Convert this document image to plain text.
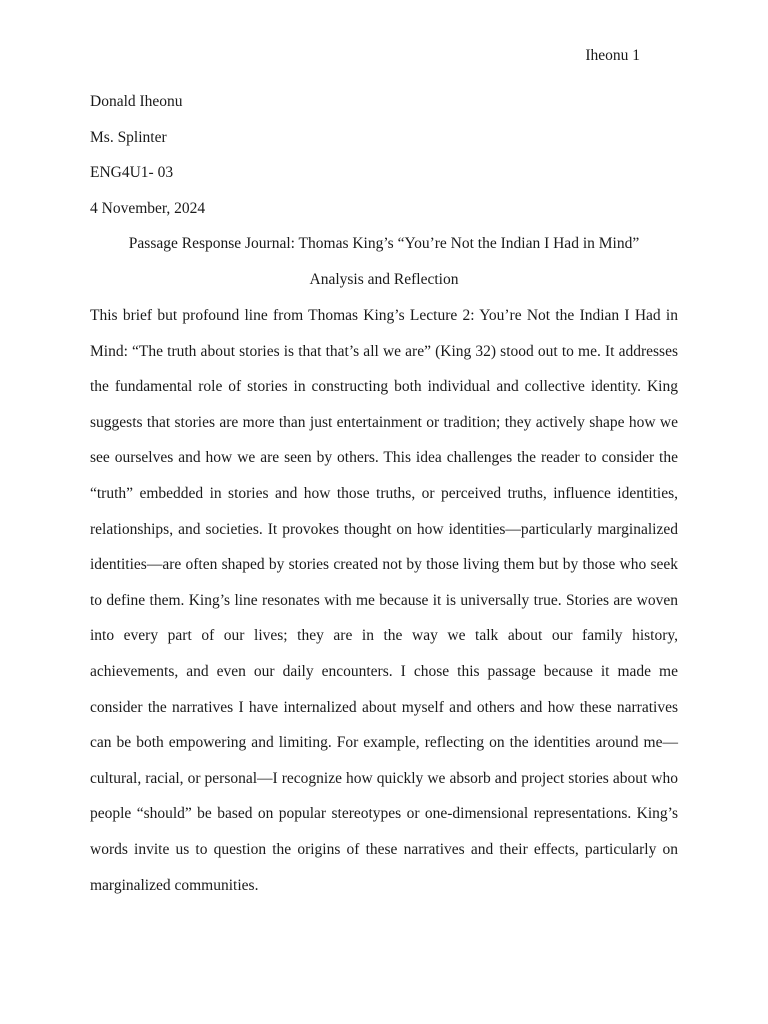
Iheonu 1
Donald Iheonu
Ms. Splinter
ENG4U1- 03
4 November, 2024
Passage Response Journal: Thomas King’s “You’re Not the Indian I Had in Mind”
Analysis and Reflection

This brief but profound line from Thomas King’s Lecture 2: You’re Not the Indian I Had in Mind: “The truth about stories is that that’s all we are” (King 32) stood out to me. It addresses the fundamental role of stories in constructing both individual and collective identity. King suggests that stories are more than just entertainment or tradition; they actively shape how we see ourselves and how we are seen by others. This idea challenges the reader to consider the “truth” embedded in stories and how those truths, or perceived truths, influence identities, relationships, and societies. It provokes thought on how identities—particularly marginalized identities—are often shaped by stories created not by those living them but by those who seek to define them. King’s line resonates with me because it is universally true. Stories are woven into every part of our lives; they are in the way we talk about our family history, achievements, and even our daily encounters. I chose this passage because it made me consider the narratives I have internalized about myself and others and how these narratives can be both empowering and limiting. For example, reflecting on the identities around me—cultural, racial, or personal—I recognize how quickly we absorb and project stories about who people “should” be based on popular stereotypes or one-dimensional representations. King’s words invite us to question the origins of these narratives and their effects, particularly on marginalized communities.
